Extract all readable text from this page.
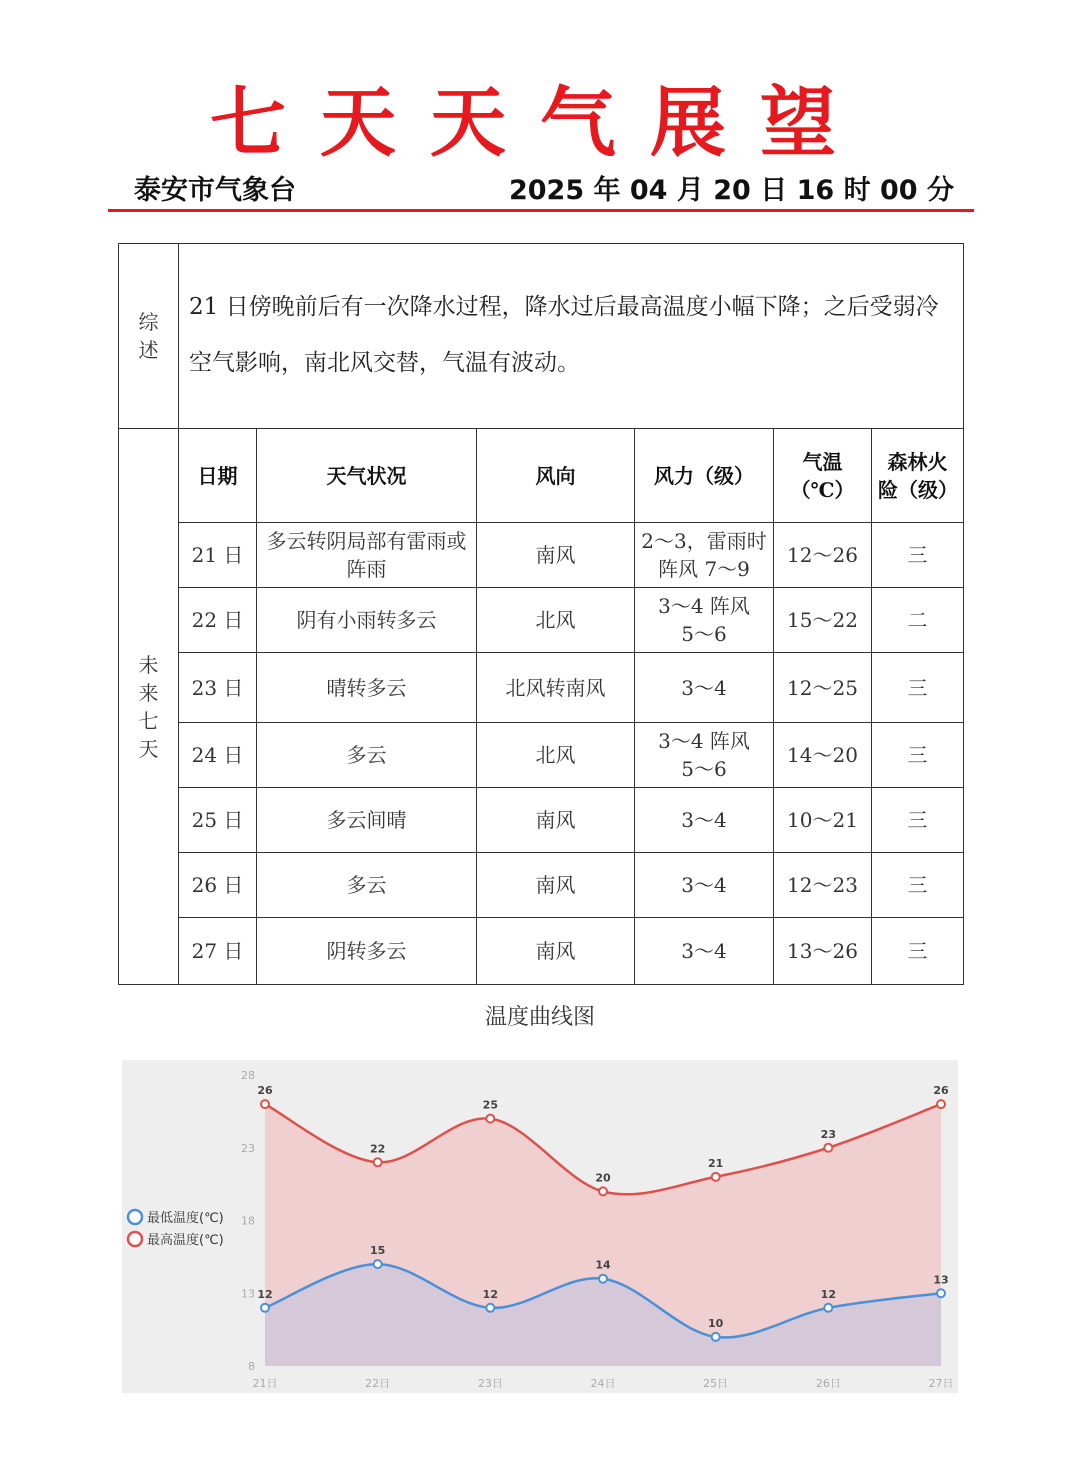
七天天气展望
泰安市气象台	2025 年 04 月 20 日 16 时 00 分
综述	21 日傍晚前后有一次降水过程，降水过后最高温度小幅下降；之后受弱冷空气影响，南北风交替，气温有波动。					
未来七天	日期	天气状况	风向	风力（级）	气温（℃）	森林火险（级）
	21 日	多云转阴局部有雷雨或阵雨	南风	2～3，雷雨时阵风 7～9	12～26	三
	22 日	阴有小雨转多云	北风	3～4 阵风 5～6	15～22	二
	23 日	晴转多云	北风转南风	3～4	12～25	三
	24 日	多云	北风	3～4 阵风 5～6	14～20	三
	25 日	多云间晴	南风	3～4	10～21	三
	26 日	多云	南风	3～4	12～23	三
	27 日	阴转多云	南风	3～4	13～26	三
温度曲线图
8
13
18
23
28
21日	22日	23日	24日	25日	26日	27日
26
22
25
20
21
23
26
12
15
12
14
10
12
13
最低温度(℃)
最高温度(℃)
